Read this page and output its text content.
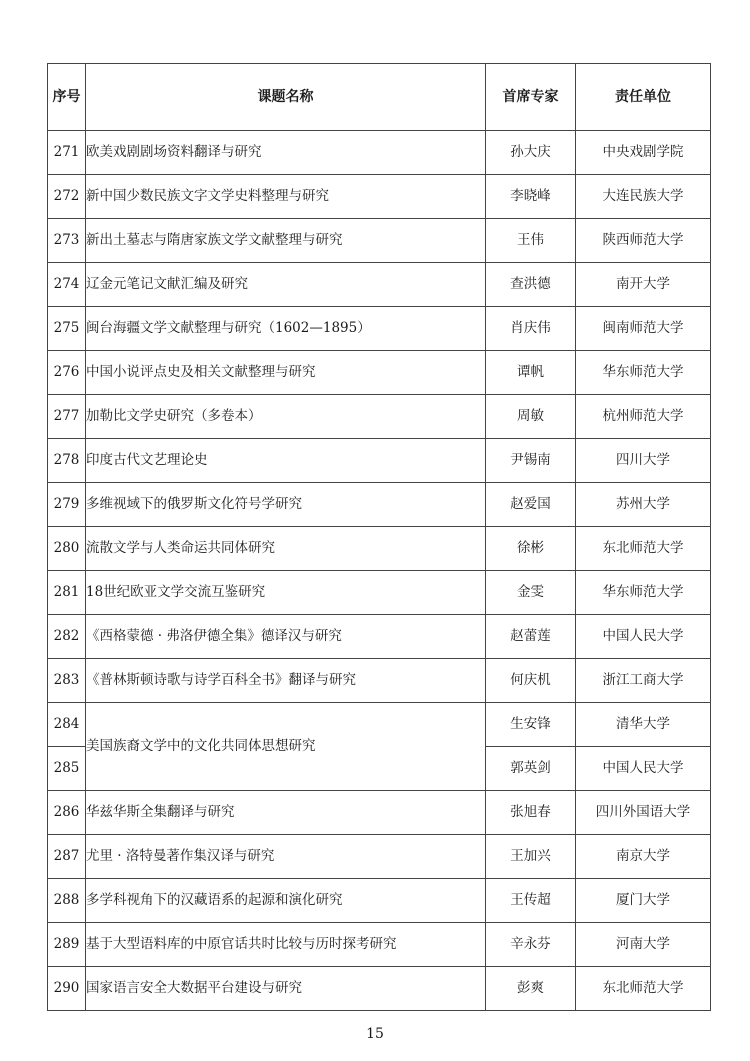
序号	课题名称	首席专家	责任单位
271	欧美戏剧剧场资料翻译与研究	孙大庆	中央戏剧学院
272	新中国少数民族文字文学史料整理与研究	李晓峰	大连民族大学
273	新出土墓志与隋唐家族文学文献整理与研究	王伟	陕西师范大学
274	辽金元笔记文献汇编及研究	查洪德	南开大学
275	闽台海疆文学文献整理与研究（1602—1895）	肖庆伟	闽南师范大学
276	中国小说评点史及相关文献整理与研究	谭帆	华东师范大学
277	加勒比文学史研究（多卷本）	周敏	杭州师范大学
278	印度古代文艺理论史	尹锡南	四川大学
279	多维视域下的俄罗斯文化符号学研究	赵爱国	苏州大学
280	流散文学与人类命运共同体研究	徐彬	东北师范大学
281	18世纪欧亚文学交流互鉴研究	金雯	华东师范大学
282	《西格蒙德 · 弗洛伊德全集》德译汉与研究	赵蕾莲	中国人民大学
283	《普林斯顿诗歌与诗学百科全书》翻译与研究	何庆机	浙江工商大学
284	美国族裔文学中的文化共同体思想研究	生安锋	清华大学
285		郭英剑	中国人民大学
286	华兹华斯全集翻译与研究	张旭春	四川外国语大学
287	尤里 · 洛特曼著作集汉译与研究	王加兴	南京大学
288	多学科视角下的汉藏语系的起源和演化研究	王传超	厦门大学
289	基于大型语料库的中原官话共时比较与历时探考研究	辛永芬	河南大学
290	国家语言安全大数据平台建设与研究	彭爽	东北师范大学
15
